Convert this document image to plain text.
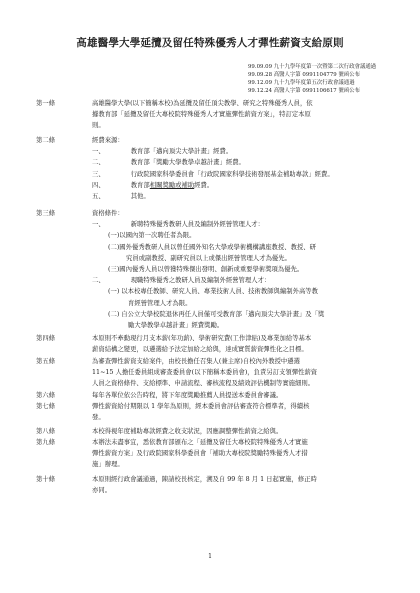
高雄醫學大學延攬及留任特殊優秀人才彈性薪資支給原則
99.09.09 九十九學年度第一次暨第二次行政會議通過
99.09.28 高醫人字第 0991104779 號函公布
99.12.09 九十九學年度第五次行政會議通過
99.12.24 高醫人字第 0991106617 號函公布
第一條	高雄醫學大學(以下簡稱本校)為延攬及留任頂尖教學、研究之特殊優秀人員，依
據教育部「延攬及留任大專校院特殊優秀人才實施彈性薪資方案」，特訂定本原
則。
第二條	經費來源：
一、	教育部「邁向頂尖大學計畫」經費。
二、	教育部「獎勵大學教學卓越計畫」經費。
三、	行政院國家科學委員會「行政院國家科學技術發展基金補助專款」經費。
四、	教育部相關獎勵或補助經費。
五、	其他。
第三條	資格條件：
一、	新聘特殊優秀教研人員及編制外經營管理人才：
(一)以國內第一次聘任者為限。
(二)國外優秀教研人員以曾任國外知名大學或學術機構講座教授、教授、研
究員或副教授、副研究員以上或傑出經營管理人才為優先。
(三)國內優秀人員以曾獲特殊傑出發明、創新或重要學術獎項為優先。
二、	現職特殊優秀之教研人員及編制外經營管理人才：
(一) 以本校專任教師、研究人員、專業技術人員、技術教師與編制外高等教
育經營管理人才為限。
(二) 自公立大學校院退休再任人員僅可受教育部「邁向頂尖大學計畫」及「獎
勵大學教學卓越計畫」經費獎勵。
第四條	本原則不牽動現行月支本薪(年功薪)、學術研究費(工作津貼)及專業加給等基本
薪資結構之變更，以遴選給予法定加給之給與，達成實質薪資彈性化之目標。
第五條	為審查彈性薪資支給案件，由校長擔任召集人(兼主席)自校內外教授中遴選
11~15 人擔任委員組成審查委員會(以下簡稱本委員會)，負責另訂支領彈性薪資
人員之資格條件、支給標準、申請流程、審核流程及績效評估機制等實施細則。
第六條	每年各單位依公告時程，將下年度獎勵推薦人員提送本委員會審議。
第七條	彈性薪資給付期限以 1 學年為原則，經本委員會評估審查符合標準者，得續核
發。
第八條	本校得視年度補助專款經費之收支狀況，因應調整彈性薪資之給與。
第九條	本辦法未盡事宜，悉依教育部頒布之「延攬及留任大專校院特殊優秀人才實施
彈性薪資方案」及行政院國家科學委員會「補助大專校院獎勵特殊優秀人才措
施」辦理。
第十條	本原則經行政會議通過，陳請校長核定，溯及自 99 年 8 月 1 日起實施，修正時
亦同。
1
